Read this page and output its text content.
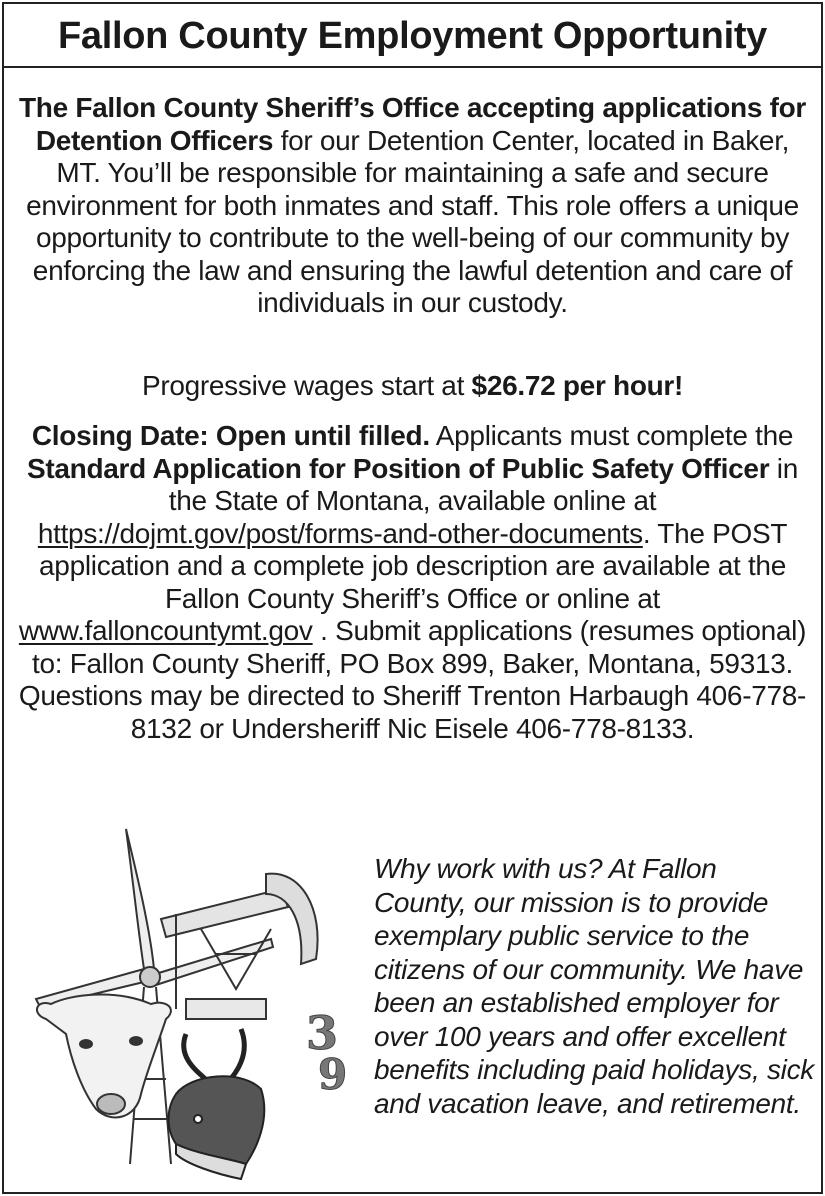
Fallon County Employment Opportunity

The Fallon County Sheriff’s Office accepting applications for Detention Officers for our Detention Center, located in Baker, MT. You’ll be responsible for maintaining a safe and secure environment for both inmates and staff. This role offers a unique opportunity to contribute to the well-being of our community by enforcing the law and ensuring the lawful detention and care of individuals in our custody.

Progressive wages start at $26.72 per hour!

Closing Date: Open until filled. Applicants must complete the Standard Application for Position of Public Safety Officer in the State of Montana, available online at https://dojmt.gov/post/forms-and-other-documents. The POST application and a complete job description are available at the Fallon County Sheriff’s Office or online at www.falloncountymt.gov . Submit applications (resumes optional) to: Fallon County Sheriff, PO Box 899, Baker, Montana, 59313. Questions may be directed to Sheriff Trenton Harbaugh 406-778-8132 or Undersheriff Nic Eisele 406-778-8133.

3
9

Why work with us? At Fallon County, our mission is to provide exemplary public service to the citizens of our community. We have been an established employer for over 100 years and offer excellent benefits including paid holidays, sick and vacation leave, and retirement.
